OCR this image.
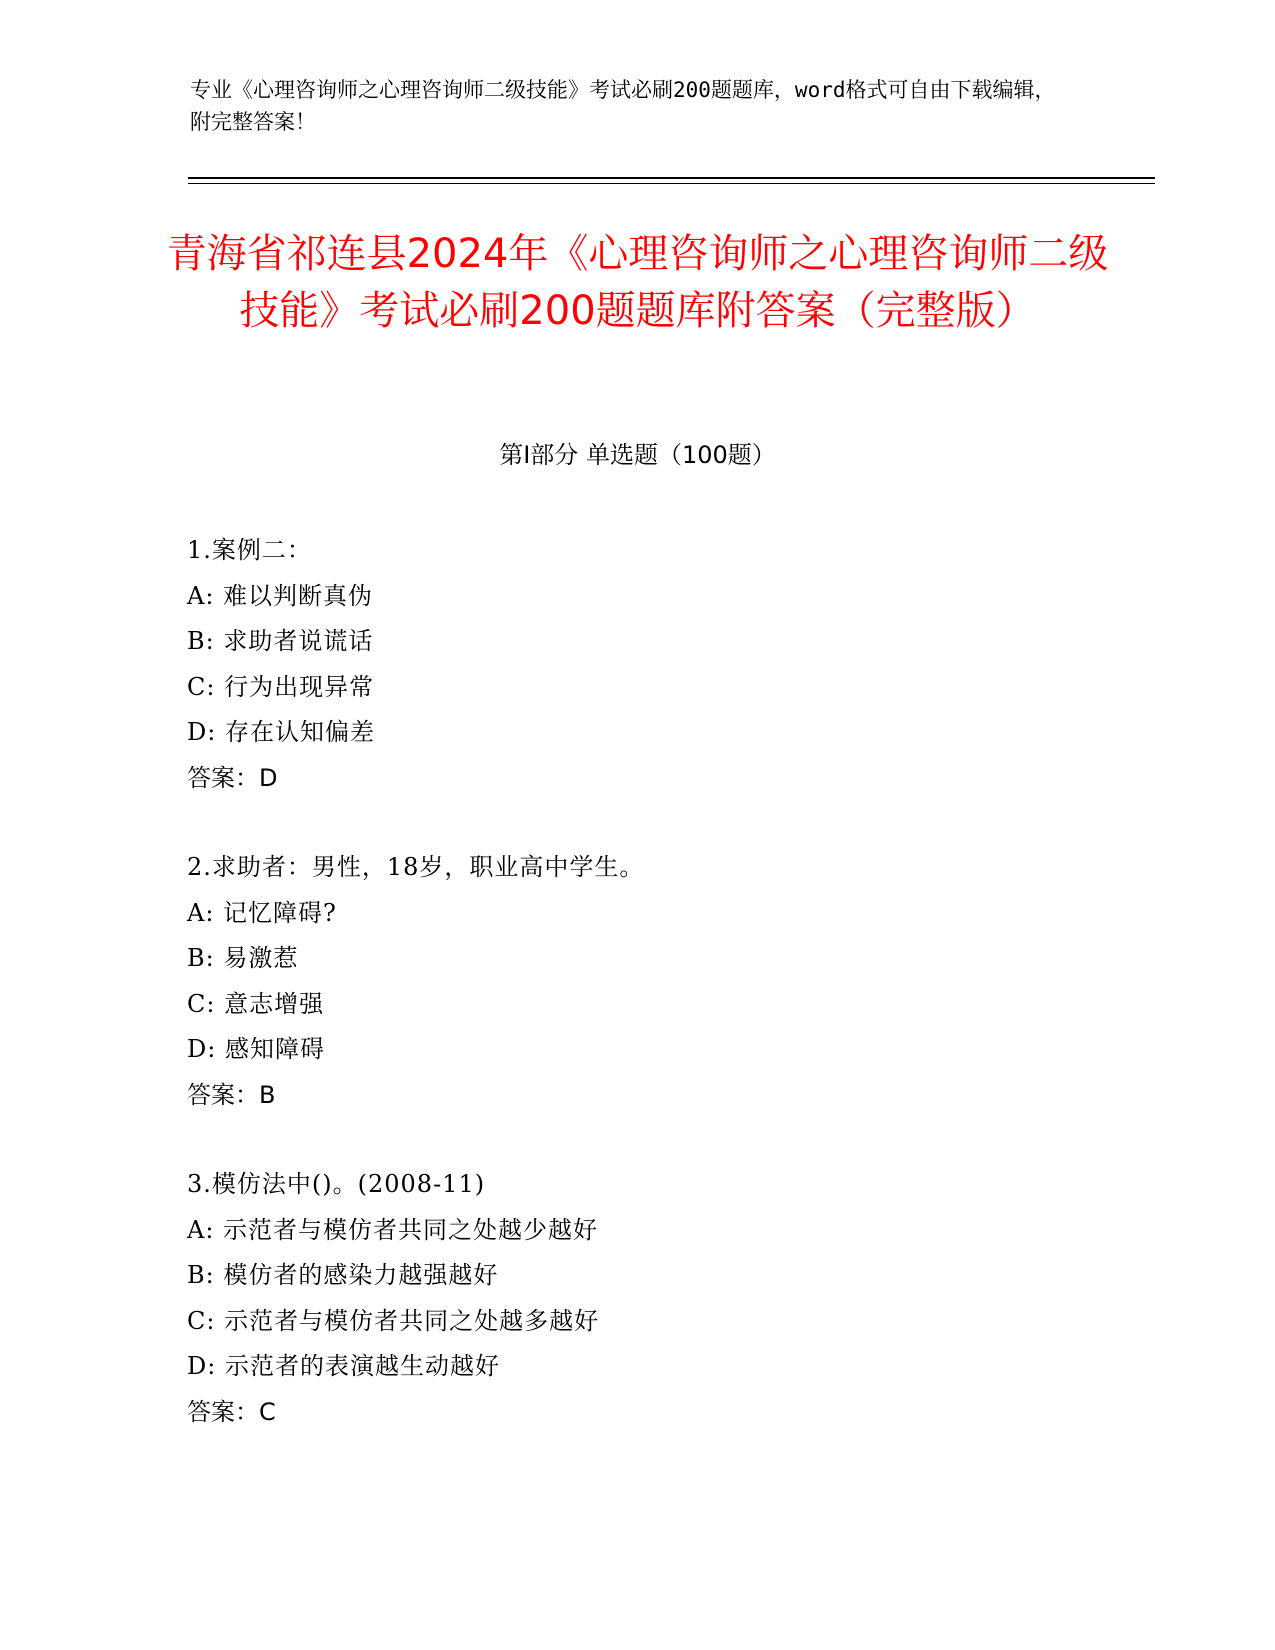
专业《心理咨询师之心理咨询师二级技能》考试必刷200题题库，word格式可自由下载编辑，附完整答案！
青海省祁连县2024年《心理咨询师之心理咨询师二级技能》考试必刷200题题库附答案（完整版）
第I部分 单选题（100题）
1.案例二：
A: 难以判断真伪
B: 求助者说谎话
C: 行为出现异常
D: 存在认知偏差
答案：D
2.求助者：男性，18岁，职业高中学生。
A: 记忆障碍?
B: 易激惹
C: 意志增强
D: 感知障碍
答案：B
3.模仿法中()。(2008-11)
A: 示范者与模仿者共同之处越少越好
B: 模仿者的感染力越强越好
C: 示范者与模仿者共同之处越多越好
D: 示范者的表演越生动越好
答案：C
